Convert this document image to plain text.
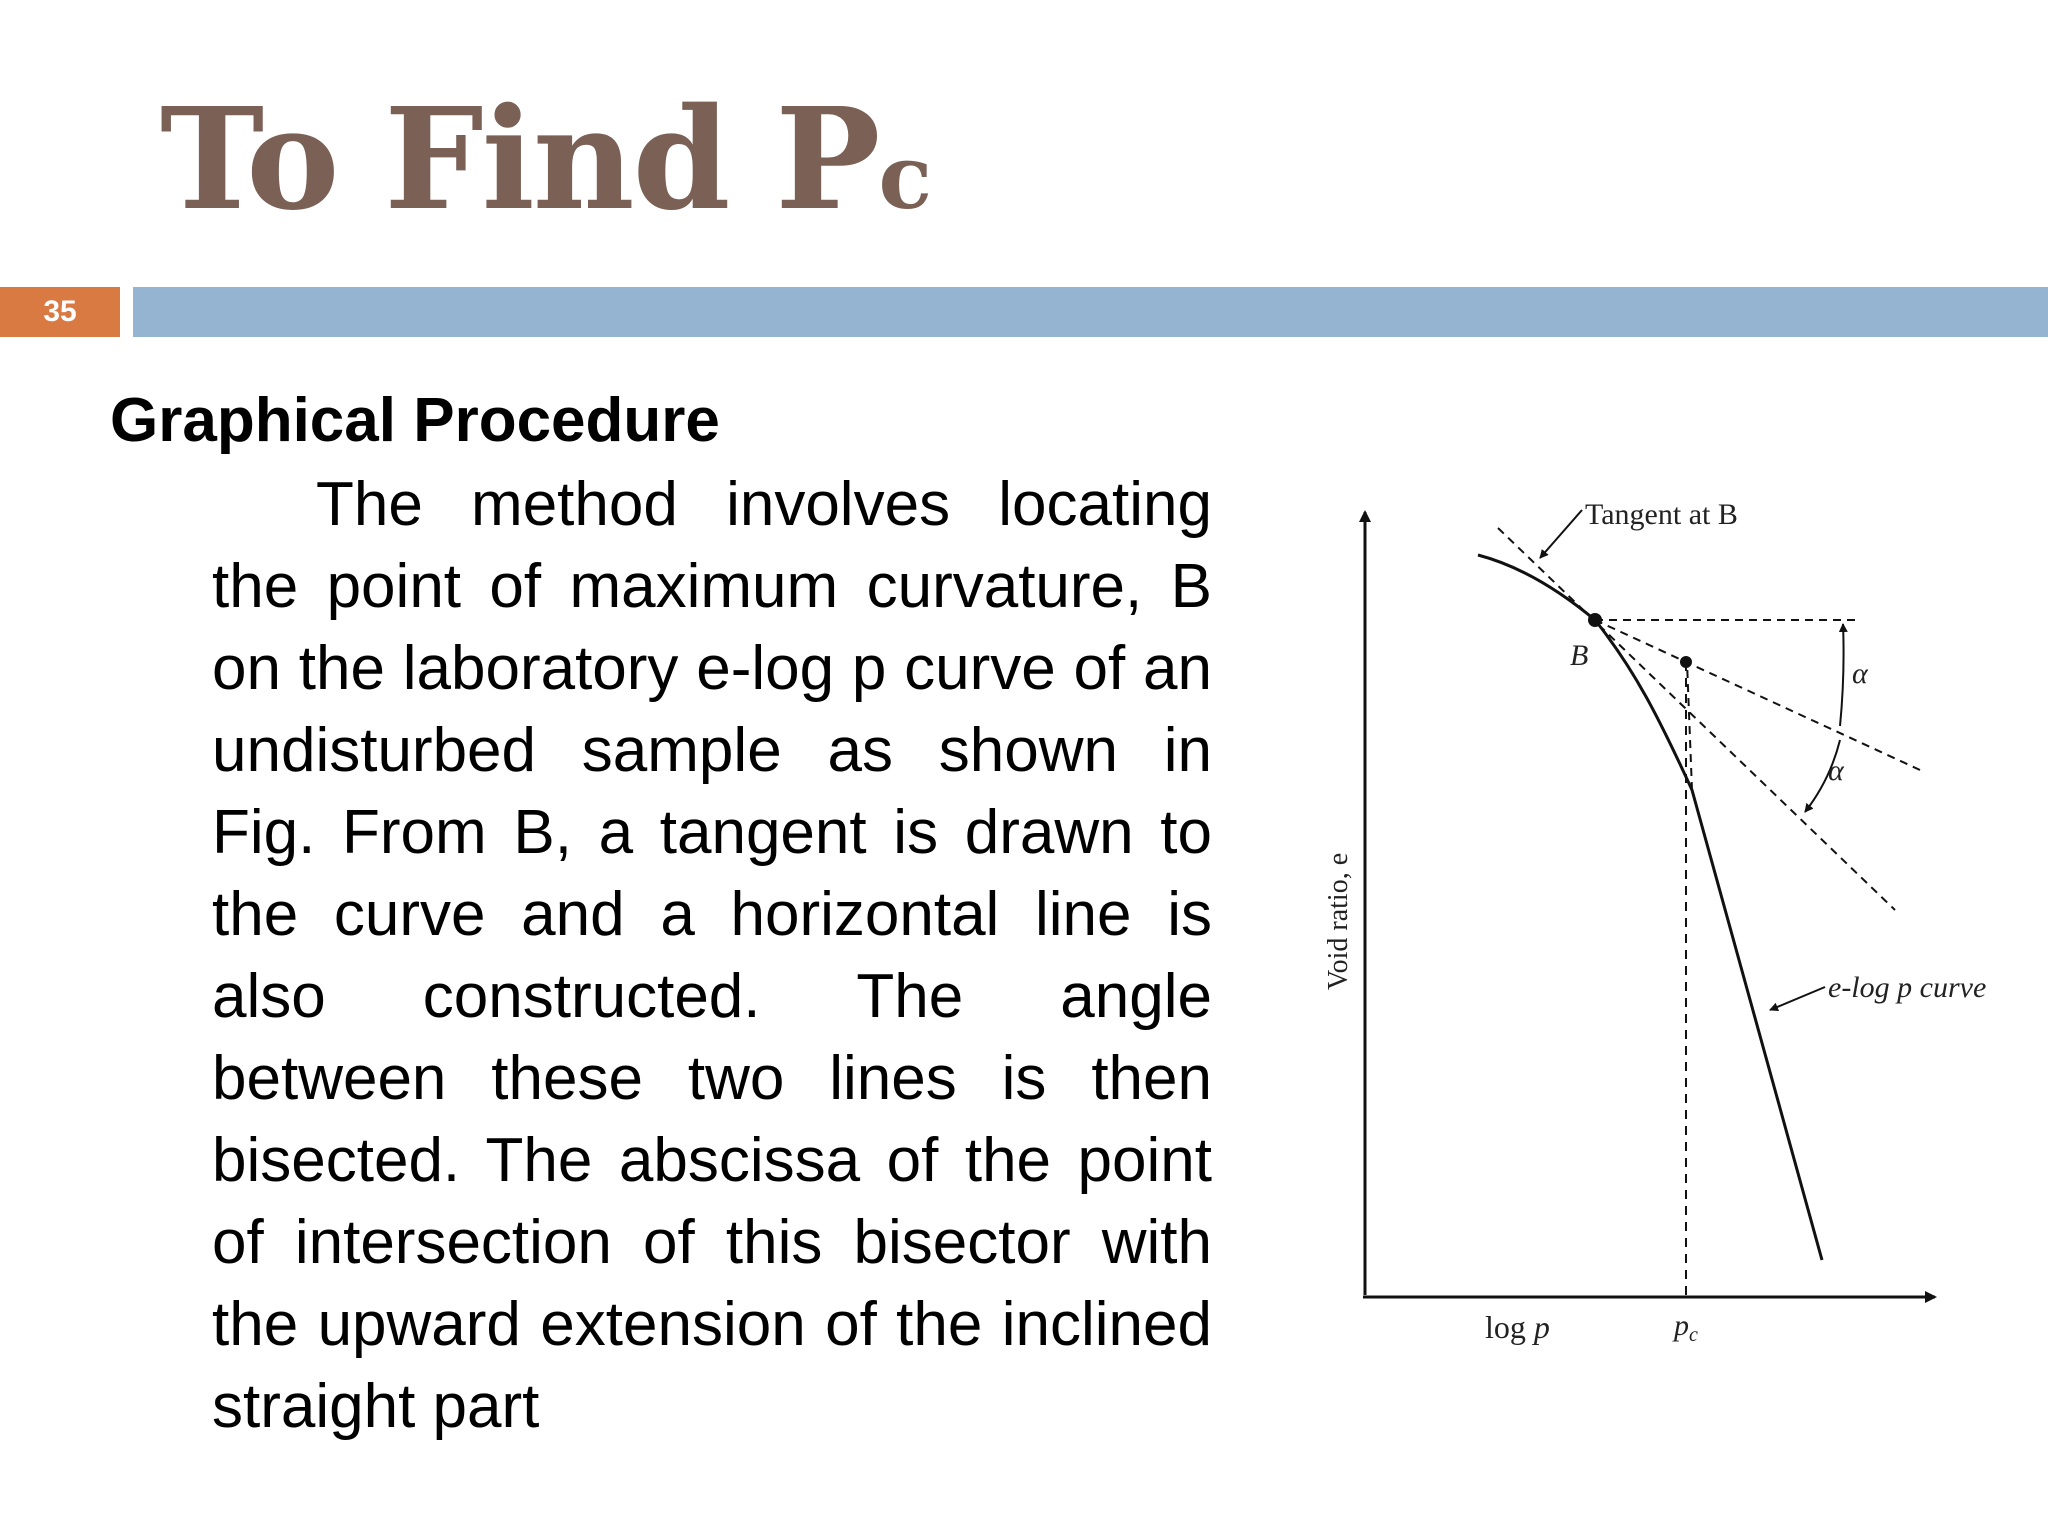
To Find Pc
35
Graphical Procedure

The method involves locating the point of maximum curvature, B on the laboratory e-log p curve of an undisturbed sample as shown in Fig. From B, a tangent is drawn to the curve and a horizontal line is also constructed. The angle between these two lines is then bisected. The abscissa of the point of intersection of this bisector with the upward extension of the inclined straight part

Tangent at B
B
α
α
e-log p curve
Void ratio, e
log p	$p_c$
